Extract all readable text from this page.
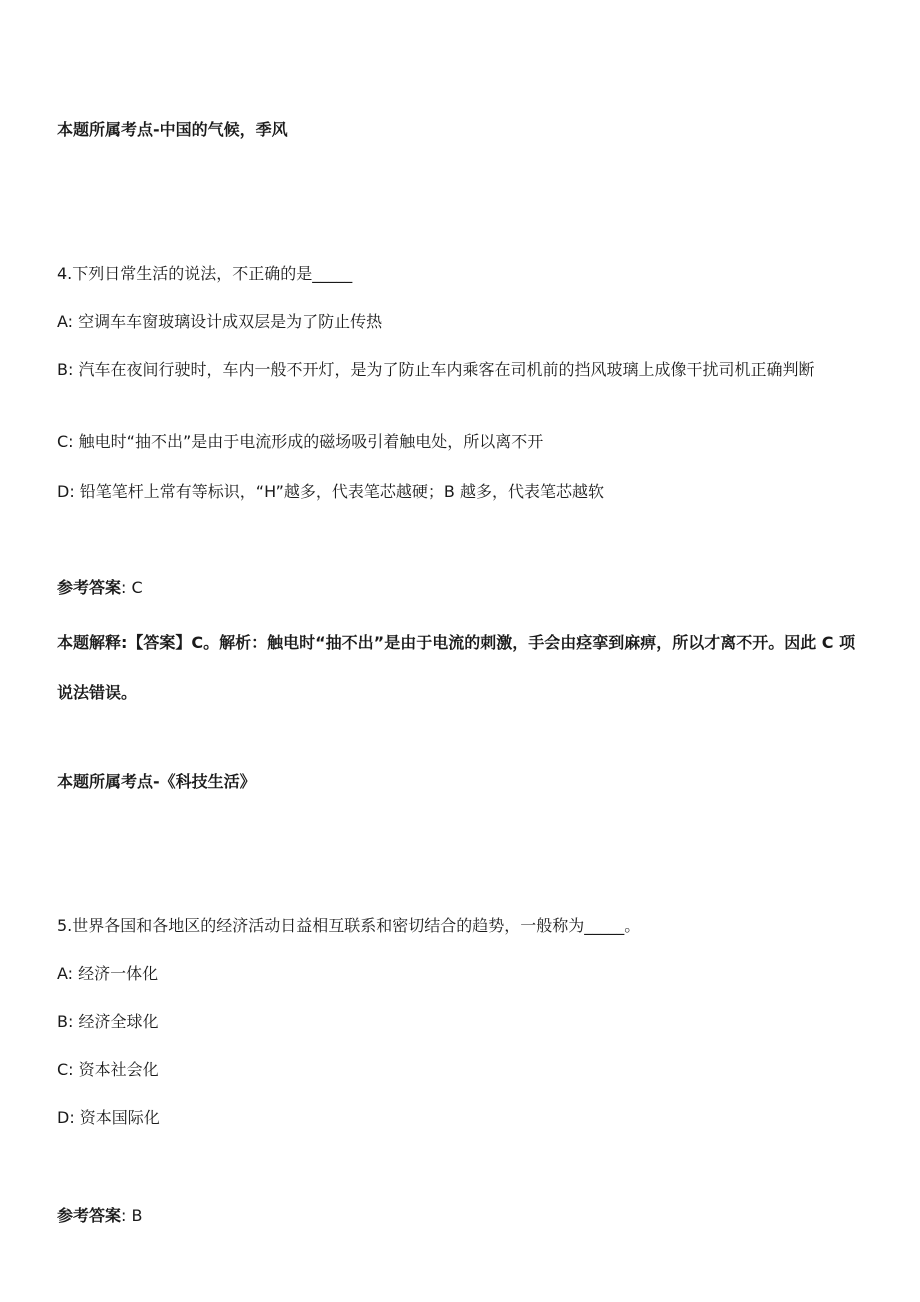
本题所属考点-中国的气候，季风
4.下列日常生活的说法，不正确的是_____
A: 空调车车窗玻璃设计成双层是为了防止传热
B: 汽车在夜间行驶时，车内一般不开灯，是为了防止车内乘客在司机前的挡风玻璃上成像干扰司机正确判断
C: 触电时“抽不出”是由于电流形成的磁场吸引着触电处，所以离不开
D: 铅笔笔杆上常有等标识，“H”越多，代表笔芯越硬；B 越多，代表笔芯越软
参考答案: C
本题解释:【答案】C。解析：触电时“抽不出”是由于电流的刺激，手会由痉挛到麻痹，所以才离不开。因此 C 项说法错误。
本题所属考点-《科技生活》
5.世界各国和各地区的经济活动日益相互联系和密切结合的趋势，一般称为_____。
A: 经济一体化
B: 经济全球化
C: 资本社会化
D: 资本国际化
参考答案: B
